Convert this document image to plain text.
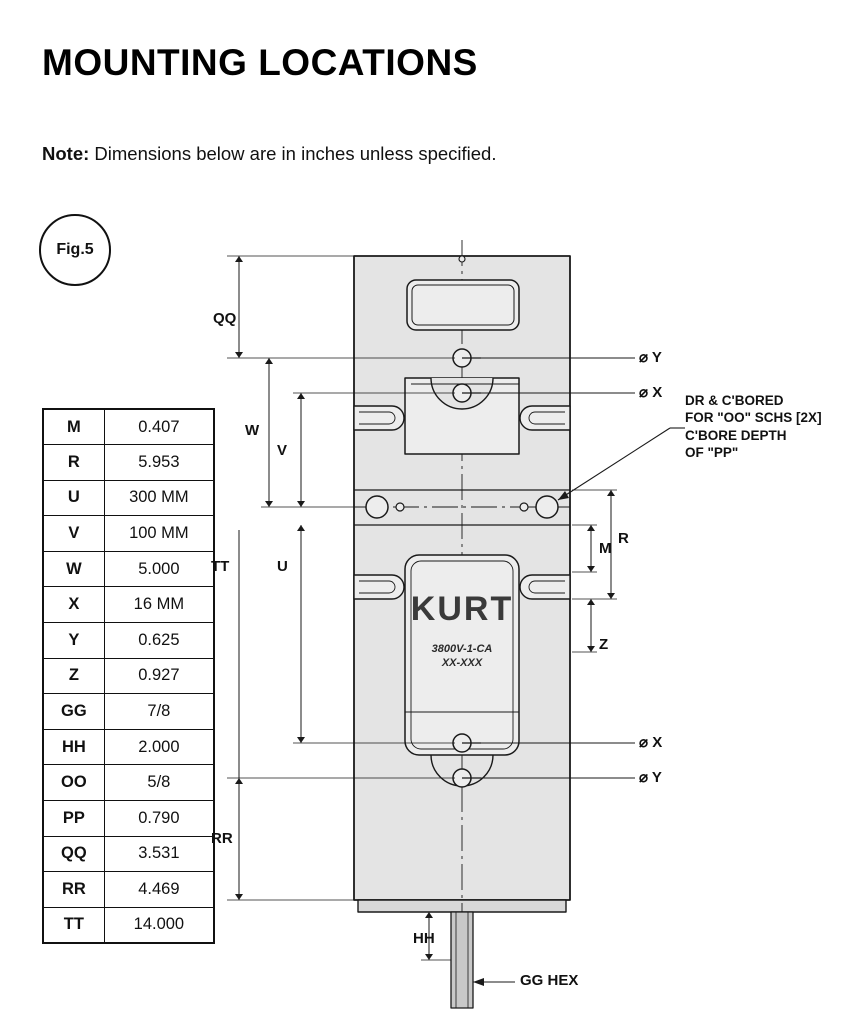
MOUNTING LOCATIONS
Note: Dimensions below are in inches unless specified.
Fig.5
M	0.407
R	5.953
U	300 MM
V	100 MM
W	5.000
X	16 MM
Y	0.625
Z	0.927
GG	7/8
HH	2.000
OO	5/8
PP	0.790
QQ	3.531
RR	4.469
TT	14.000
KURT
3800V-1-CA
XX-XXX
QQ
W
V
TT	U
RR
R
M
Z
⌀ Y
⌀ X
⌀ X
⌀ Y
HH
GG HEX
DR & C'BORED
FOR "OO" SCHS [2X]
C'BORE DEPTH
OF "PP"
